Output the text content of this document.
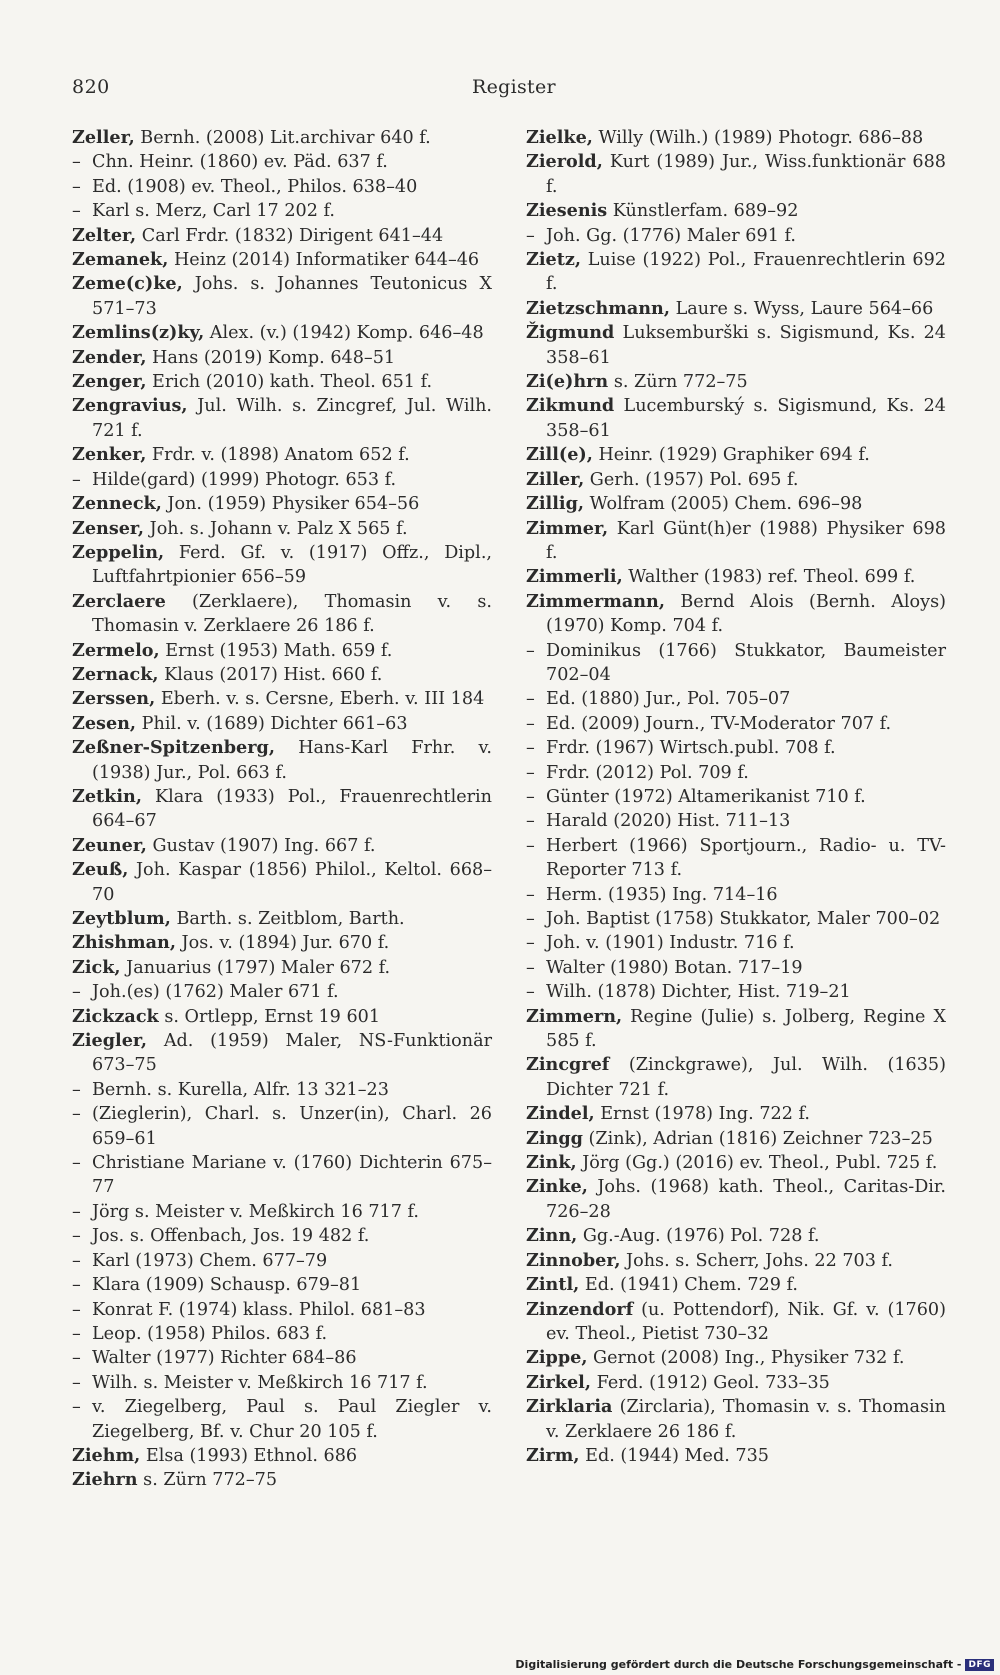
820	Register
Zeller, Bernh. (2008) Lit.archivar 640 f.
– Chn. Heinr. (1860) ev. Päd. 637 f.
– Ed. (1908) ev. Theol., Philos. 638–40
– Karl s. Merz, Carl 17 202 f.
Zelter, Carl Frdr. (1832) Dirigent 641–44
Zemanek, Heinz (2014) Informatiker 644–46
Zeme(c)ke, Johs. s. Johannes Teutonicus X 571–73
Zemlins(z)ky, Alex. (v.) (1942) Komp. 646–48
Zender, Hans (2019) Komp. 648–51
Zenger, Erich (2010) kath. Theol. 651 f.
Zengravius, Jul. Wilh. s. Zincgref, Jul. Wilh. 721 f.
Zenker, Frdr. v. (1898) Anatom 652 f.
– Hilde(gard) (1999) Photogr. 653 f.
Zenneck, Jon. (1959) Physiker 654–56
Zenser, Joh. s. Johann v. Palz X 565 f.
Zeppelin, Ferd. Gf. v. (1917) Offz., Dipl., Luftfahrtpionier 656–59
Zerclaere (Zerklaere), Thomasin v. s. Thomasin v. Zerklaere 26 186 f.
Zermelo, Ernst (1953) Math. 659 f.
Zernack, Klaus (2017) Hist. 660 f.
Zerssen, Eberh. v. s. Cersne, Eberh. v. III 184
Zesen, Phil. v. (1689) Dichter 661–63
Zeßner-Spitzenberg, Hans-Karl Frhr. v. (1938) Jur., Pol. 663 f.
Zetkin, Klara (1933) Pol., Frauenrechtlerin 664–67
Zeuner, Gustav (1907) Ing. 667 f.
Zeuß, Joh. Kaspar (1856) Philol., Keltol. 668–70
Zeytblum, Barth. s. Zeitblom, Barth.
Zhishman, Jos. v. (1894) Jur. 670 f.
Zick, Januarius (1797) Maler 672 f.
– Joh.(es) (1762) Maler 671 f.
Zickzack s. Ortlepp, Ernst 19 601
Ziegler, Ad. (1959) Maler, NS-Funktionär 673–75
– Bernh. s. Kurella, Alfr. 13 321–23
– (Zieglerin), Charl. s. Unzer(in), Charl. 26 659–61
– Christiane Mariane v. (1760) Dichterin 675–77
– Jörg s. Meister v. Meßkirch 16 717 f.
– Jos. s. Offenbach, Jos. 19 482 f.
– Karl (1973) Chem. 677–79
– Klara (1909) Schausp. 679–81
– Konrat F. (1974) klass. Philol. 681–83
– Leop. (1958) Philos. 683 f.
– Walter (1977) Richter 684–86
– Wilh. s. Meister v. Meßkirch 16 717 f.
– v. Ziegelberg, Paul s. Paul Ziegler v. Ziegelberg, Bf. v. Chur 20 105 f.
Ziehm, Elsa (1993) Ethnol. 686
Ziehrn s. Zürn 772–75
Zielke, Willy (Wilh.) (1989) Photogr. 686–88
Zierold, Kurt (1989) Jur., Wiss.funktionär 688 f.
Ziesenis Künstlerfam. 689–92
– Joh. Gg. (1776) Maler 691 f.
Zietz, Luise (1922) Pol., Frauenrechtlerin 692 f.
Zietzschmann, Laure s. Wyss, Laure 564–66
Žigmund Luksemburški s. Sigismund, Ks. 24 358–61
Zi(e)hrn s. Zürn 772–75
Zikmund Lucemburský s. Sigismund, Ks. 24 358–61
Zill(e), Heinr. (1929) Graphiker 694 f.
Ziller, Gerh. (1957) Pol. 695 f.
Zillig, Wolfram (2005) Chem. 696–98
Zimmer, Karl Günt(h)er (1988) Physiker 698 f.
Zimmerli, Walther (1983) ref. Theol. 699 f.
Zimmermann, Bernd Alois (Bernh. Aloys) (1970) Komp. 704 f.
– Dominikus (1766) Stukkator, Baumeister 702–04
– Ed. (1880) Jur., Pol. 705–07
– Ed. (2009) Journ., TV-Moderator 707 f.
– Frdr. (1967) Wirtsch.publ. 708 f.
– Frdr. (2012) Pol. 709 f.
– Günter (1972) Altamerikanist 710 f.
– Harald (2020) Hist. 711–13
– Herbert (1966) Sportjourn., Radio- u. TV-Reporter 713 f.
– Herm. (1935) Ing. 714–16
– Joh. Baptist (1758) Stukkator, Maler 700–02
– Joh. v. (1901) Industr. 716 f.
– Walter (1980) Botan. 717–19
– Wilh. (1878) Dichter, Hist. 719–21
Zimmern, Regine (Julie) s. Jolberg, Regine X 585 f.
Zincgref (Zinckgrawe), Jul. Wilh. (1635) Dichter 721 f.
Zindel, Ernst (1978) Ing. 722 f.
Zingg (Zink), Adrian (1816) Zeichner 723–25
Zink, Jörg (Gg.) (2016) ev. Theol., Publ. 725 f.
Zinke, Johs. (1968) kath. Theol., Caritas-Dir. 726–28
Zinn, Gg.-Aug. (1976) Pol. 728 f.
Zinnober, Johs. s. Scherr, Johs. 22 703 f.
Zintl, Ed. (1941) Chem. 729 f.
Zinzendorf (u. Pottendorf), Nik. Gf. v. (1760) ev. Theol., Pietist 730–32
Zippe, Gernot (2008) Ing., Physiker 732 f.
Zirkel, Ferd. (1912) Geol. 733–35
Zirklaria (Zirclaria), Thomasin v. s. Thomasin v. Zerklaere 26 186 f.
Zirm, Ed. (1944) Med. 735
Digitalisierung gefördert durch die Deutsche Forschungsgemeinschaft - DFG
